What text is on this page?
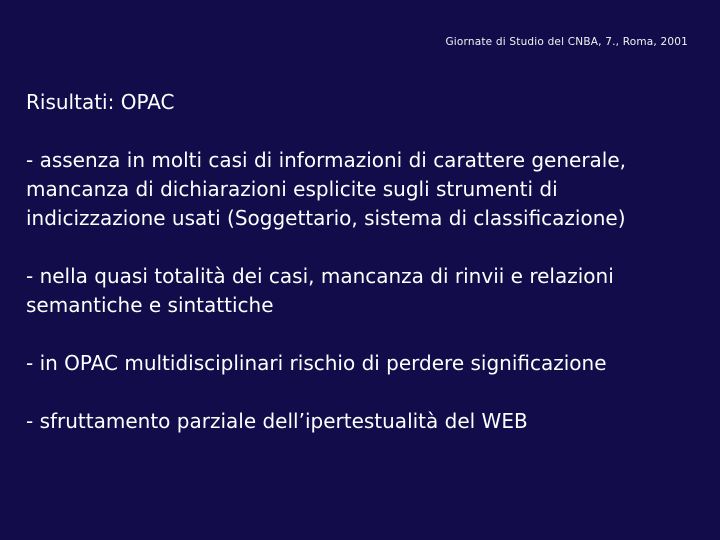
Giornate di Studio del CNBA, 7., Roma, 2001
Risultati: OPAC
- assenza in molti casi di informazioni di carattere generale, mancanza di dichiarazioni esplicite sugli strumenti di indicizzazione usati (Soggettario, sistema di classificazione)
- nella quasi totalità dei casi, mancanza di rinvii e relazioni semantiche e sintattiche
- in OPAC multidisciplinari rischio di perdere significazione
- sfruttamento parziale dell’ipertestualità del WEB
